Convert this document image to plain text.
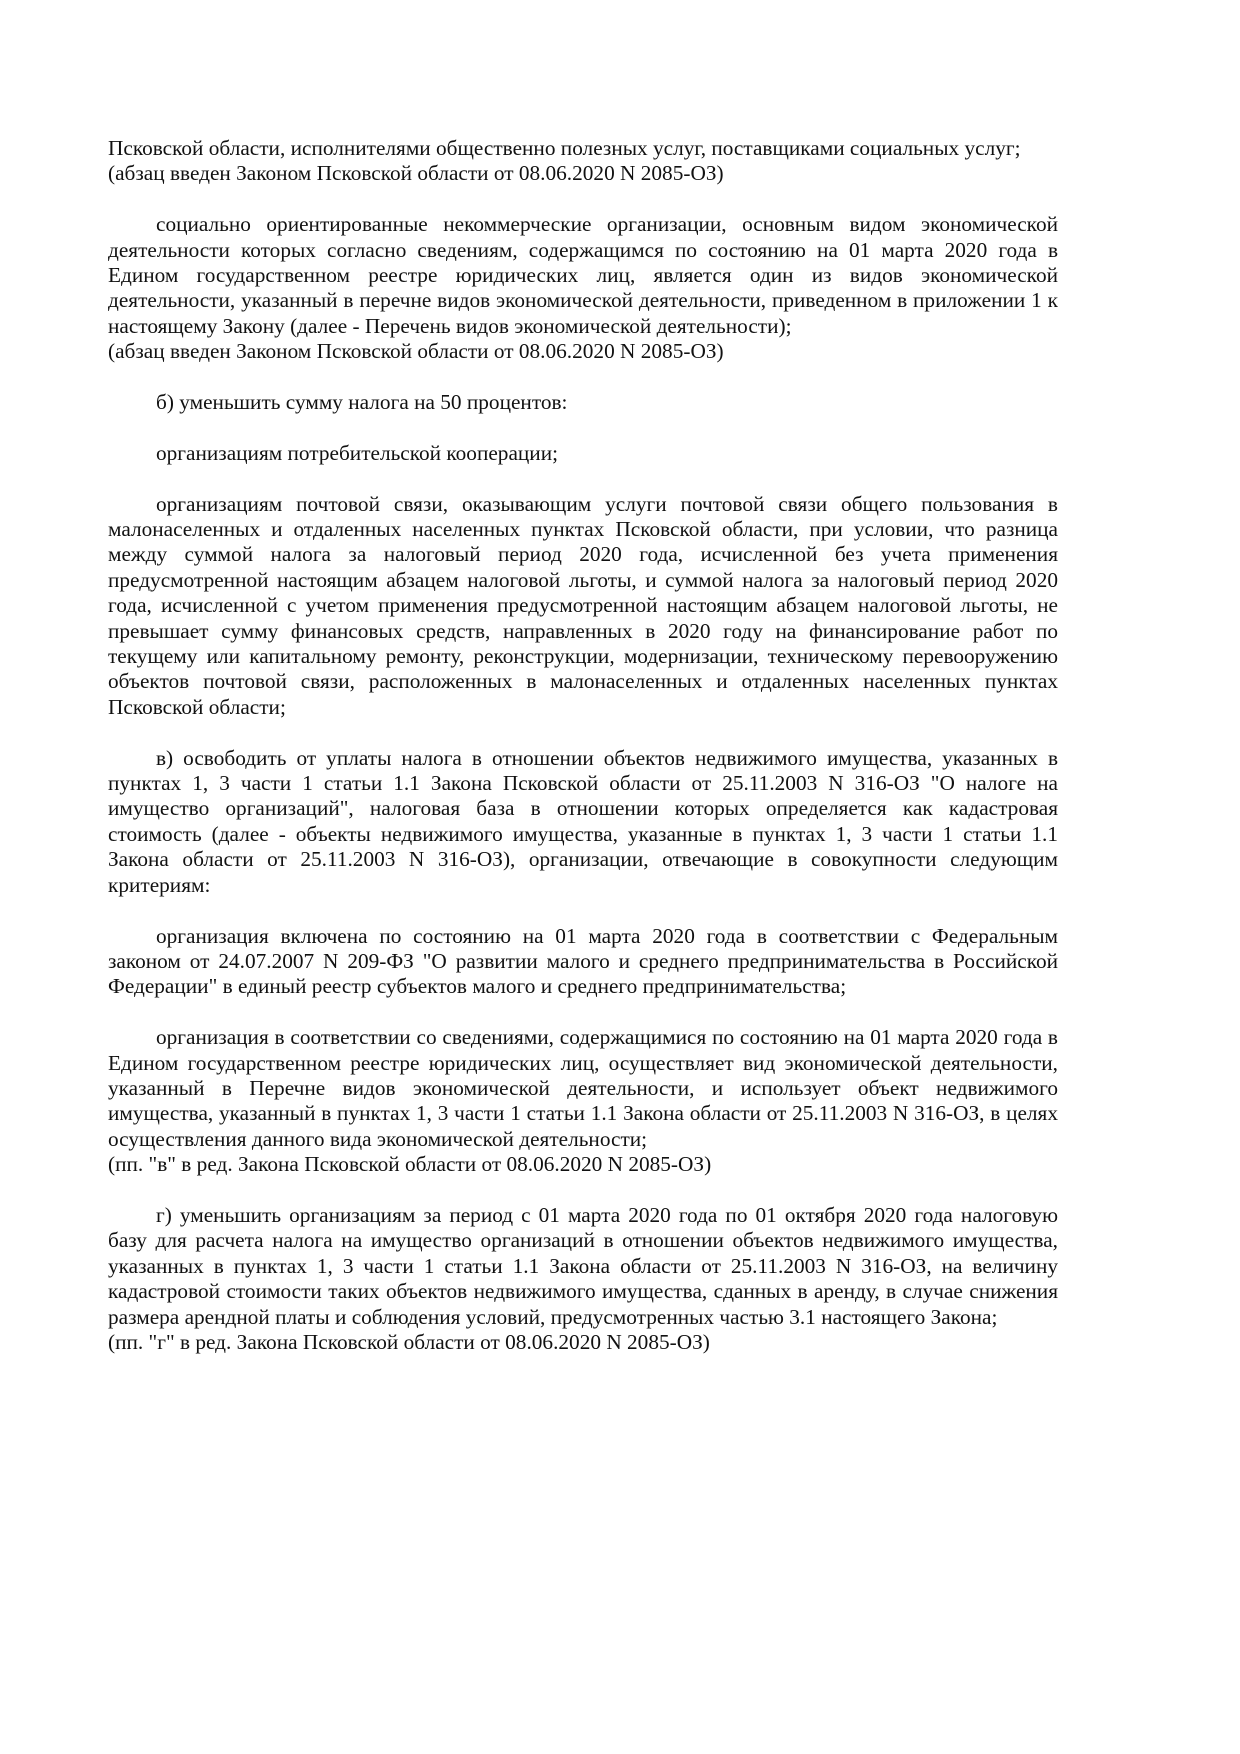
Псковской области, исполнителями общественно полезных услуг, поставщиками социальных услуг;

(абзац введен Законом Псковской области от 08.06.2020 N 2085-ОЗ)

социально ориентированные некоммерческие организации, основным видом экономической деятельности которых согласно сведениям, содержащимся по состоянию на 01 марта 2020 года в Едином государственном реестре юридических лиц, является один из видов экономической деятельности, указанный в перечне видов экономической деятельности, приведенном в приложении 1 к настоящему Закону (далее - Перечень видов экономической деятельности);

(абзац введен Законом Псковской области от 08.06.2020 N 2085-ОЗ)

б) уменьшить сумму налога на 50 процентов:

организациям потребительской кооперации;

организациям почтовой связи, оказывающим услуги почтовой связи общего пользования в малонаселенных и отдаленных населенных пунктах Псковской области, при условии, что разница между суммой налога за налоговый период 2020 года, исчисленной без учета применения предусмотренной настоящим абзацем налоговой льготы, и суммой налога за налоговый период 2020 года, исчисленной с учетом применения предусмотренной настоящим абзацем налоговой льготы, не превышает сумму финансовых средств, направленных в 2020 году на финансирование работ по текущему или капитальному ремонту, реконструкции, модернизации, техническому перевооружению объектов почтовой связи, расположенных в малонаселенных и отдаленных населенных пунктах Псковской области;

в) освободить от уплаты налога в отношении объектов недвижимого имущества, указанных в пунктах 1, 3 части 1 статьи 1.1 Закона Псковской области от 25.11.2003 N 316-ОЗ "О налоге на имущество организаций", налоговая база в отношении которых определяется как кадастровая стоимость (далее - объекты недвижимого имущества, указанные в пунктах 1, 3 части 1 статьи 1.1 Закона области от 25.11.2003 N 316-ОЗ), организации, отвечающие в совокупности следующим критериям:

организация включена по состоянию на 01 марта 2020 года в соответствии с Федеральным законом от 24.07.2007 N 209-ФЗ "О развитии малого и среднего предпринимательства в Российской Федерации" в единый реестр субъектов малого и среднего предпринимательства;

организация в соответствии со сведениями, содержащимися по состоянию на 01 марта 2020 года в Едином государственном реестре юридических лиц, осуществляет вид экономической деятельности, указанный в Перечне видов экономической деятельности, и использует объект недвижимого имущества, указанный в пунктах 1, 3 части 1 статьи 1.1 Закона области от 25.11.2003 N 316-ОЗ, в целях осуществления данного вида экономической деятельности;

(пп. "в" в ред. Закона Псковской области от 08.06.2020 N 2085-ОЗ)

г) уменьшить организациям за период с 01 марта 2020 года по 01 октября 2020 года налоговую базу для расчета налога на имущество организаций в отношении объектов недвижимого имущества, указанных в пунктах 1, 3 части 1 статьи 1.1 Закона области от 25.11.2003 N 316-ОЗ, на величину кадастровой стоимости таких объектов недвижимого имущества, сданных в аренду, в случае снижения размера арендной платы и соблюдения условий, предусмотренных частью 3.1 настоящего Закона;

(пп. "г" в ред. Закона Псковской области от 08.06.2020 N 2085-ОЗ)
